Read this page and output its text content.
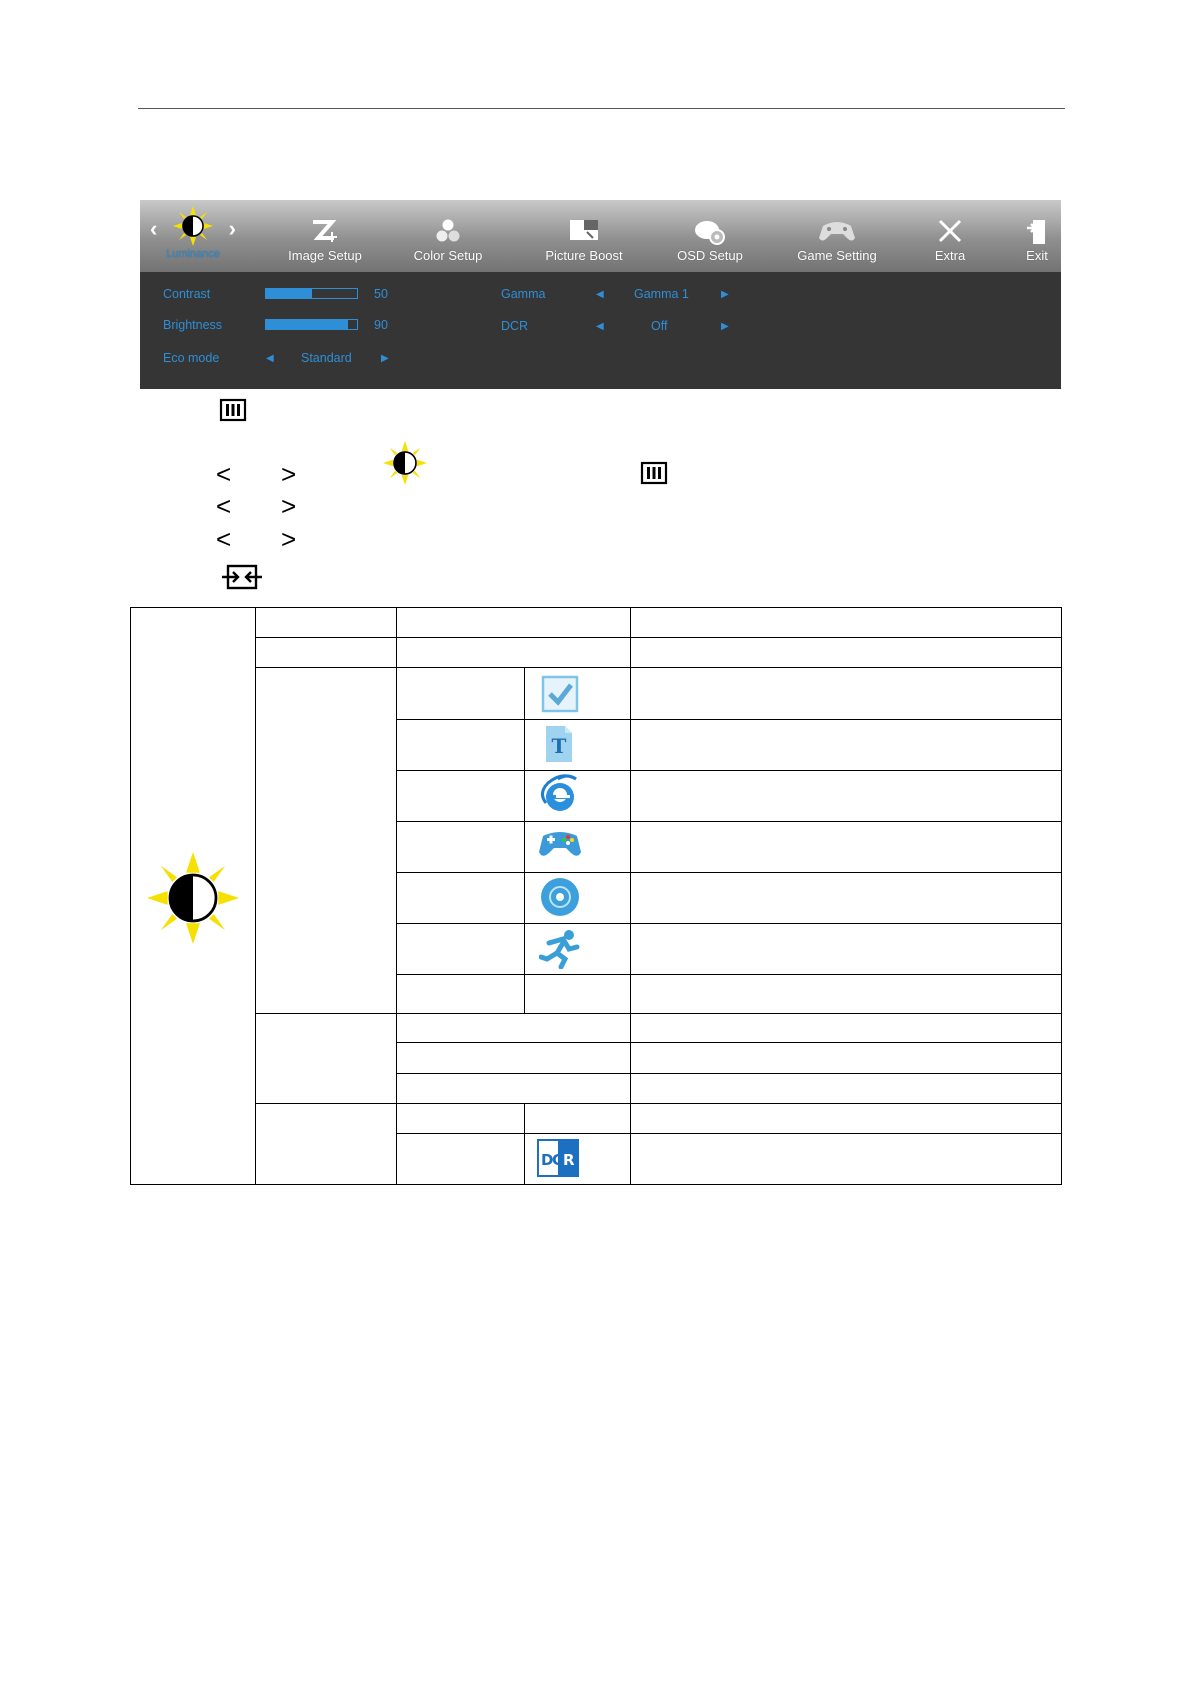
‹	›
Luminance	Image Setup	Color Setup	Picture Boost	OSD Setup	Game Setting	Extra	Exit
Contrast	50
Brightness	90
Eco mode	◀ Standard	▶
Gamma	◀ Gamma 1	▶
DCR	◀	Off	▶
< >
< >
< >
T
D
C R
